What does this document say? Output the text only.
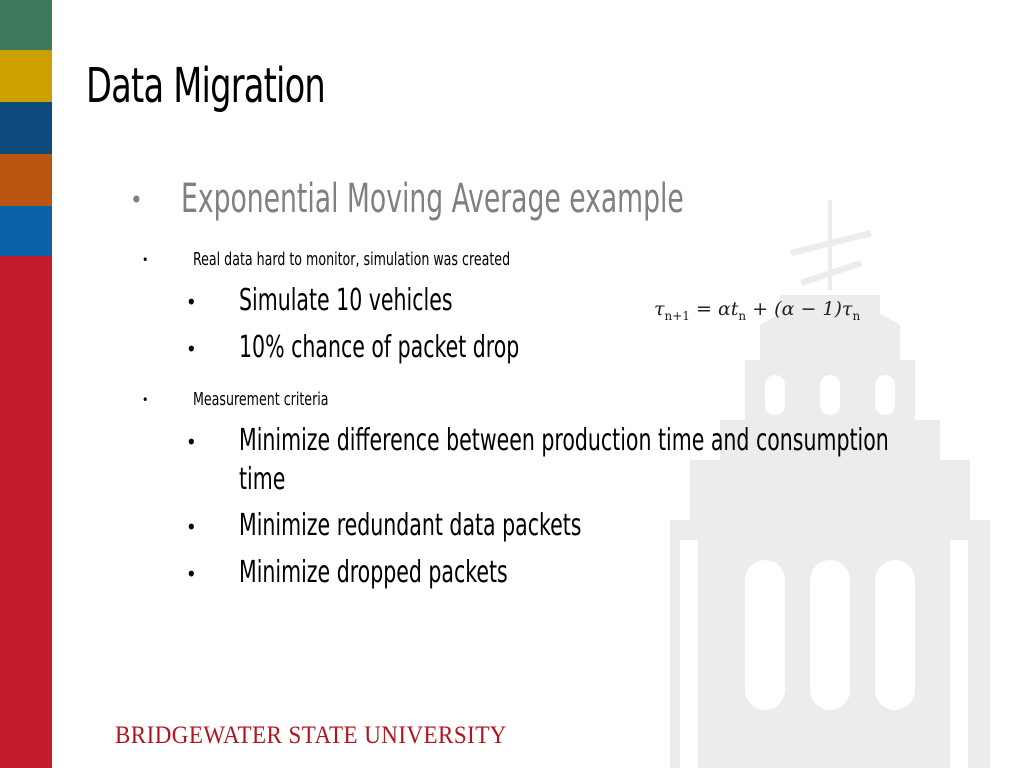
Data Migration
• Exponential Moving Average example
• Real data hard to monitor, simulation was created
• Simulate 10 vehicles
• 10% chance of packet drop
$\tau_{n+1} = \alpha t_n + (\alpha - 1)\tau_n$
• Measurement criteria
• Minimize difference between production time and consumption
time
• Minimize redundant data packets
• Minimize dropped packets
BRIDGEWATER STATE UNIVERSITY
